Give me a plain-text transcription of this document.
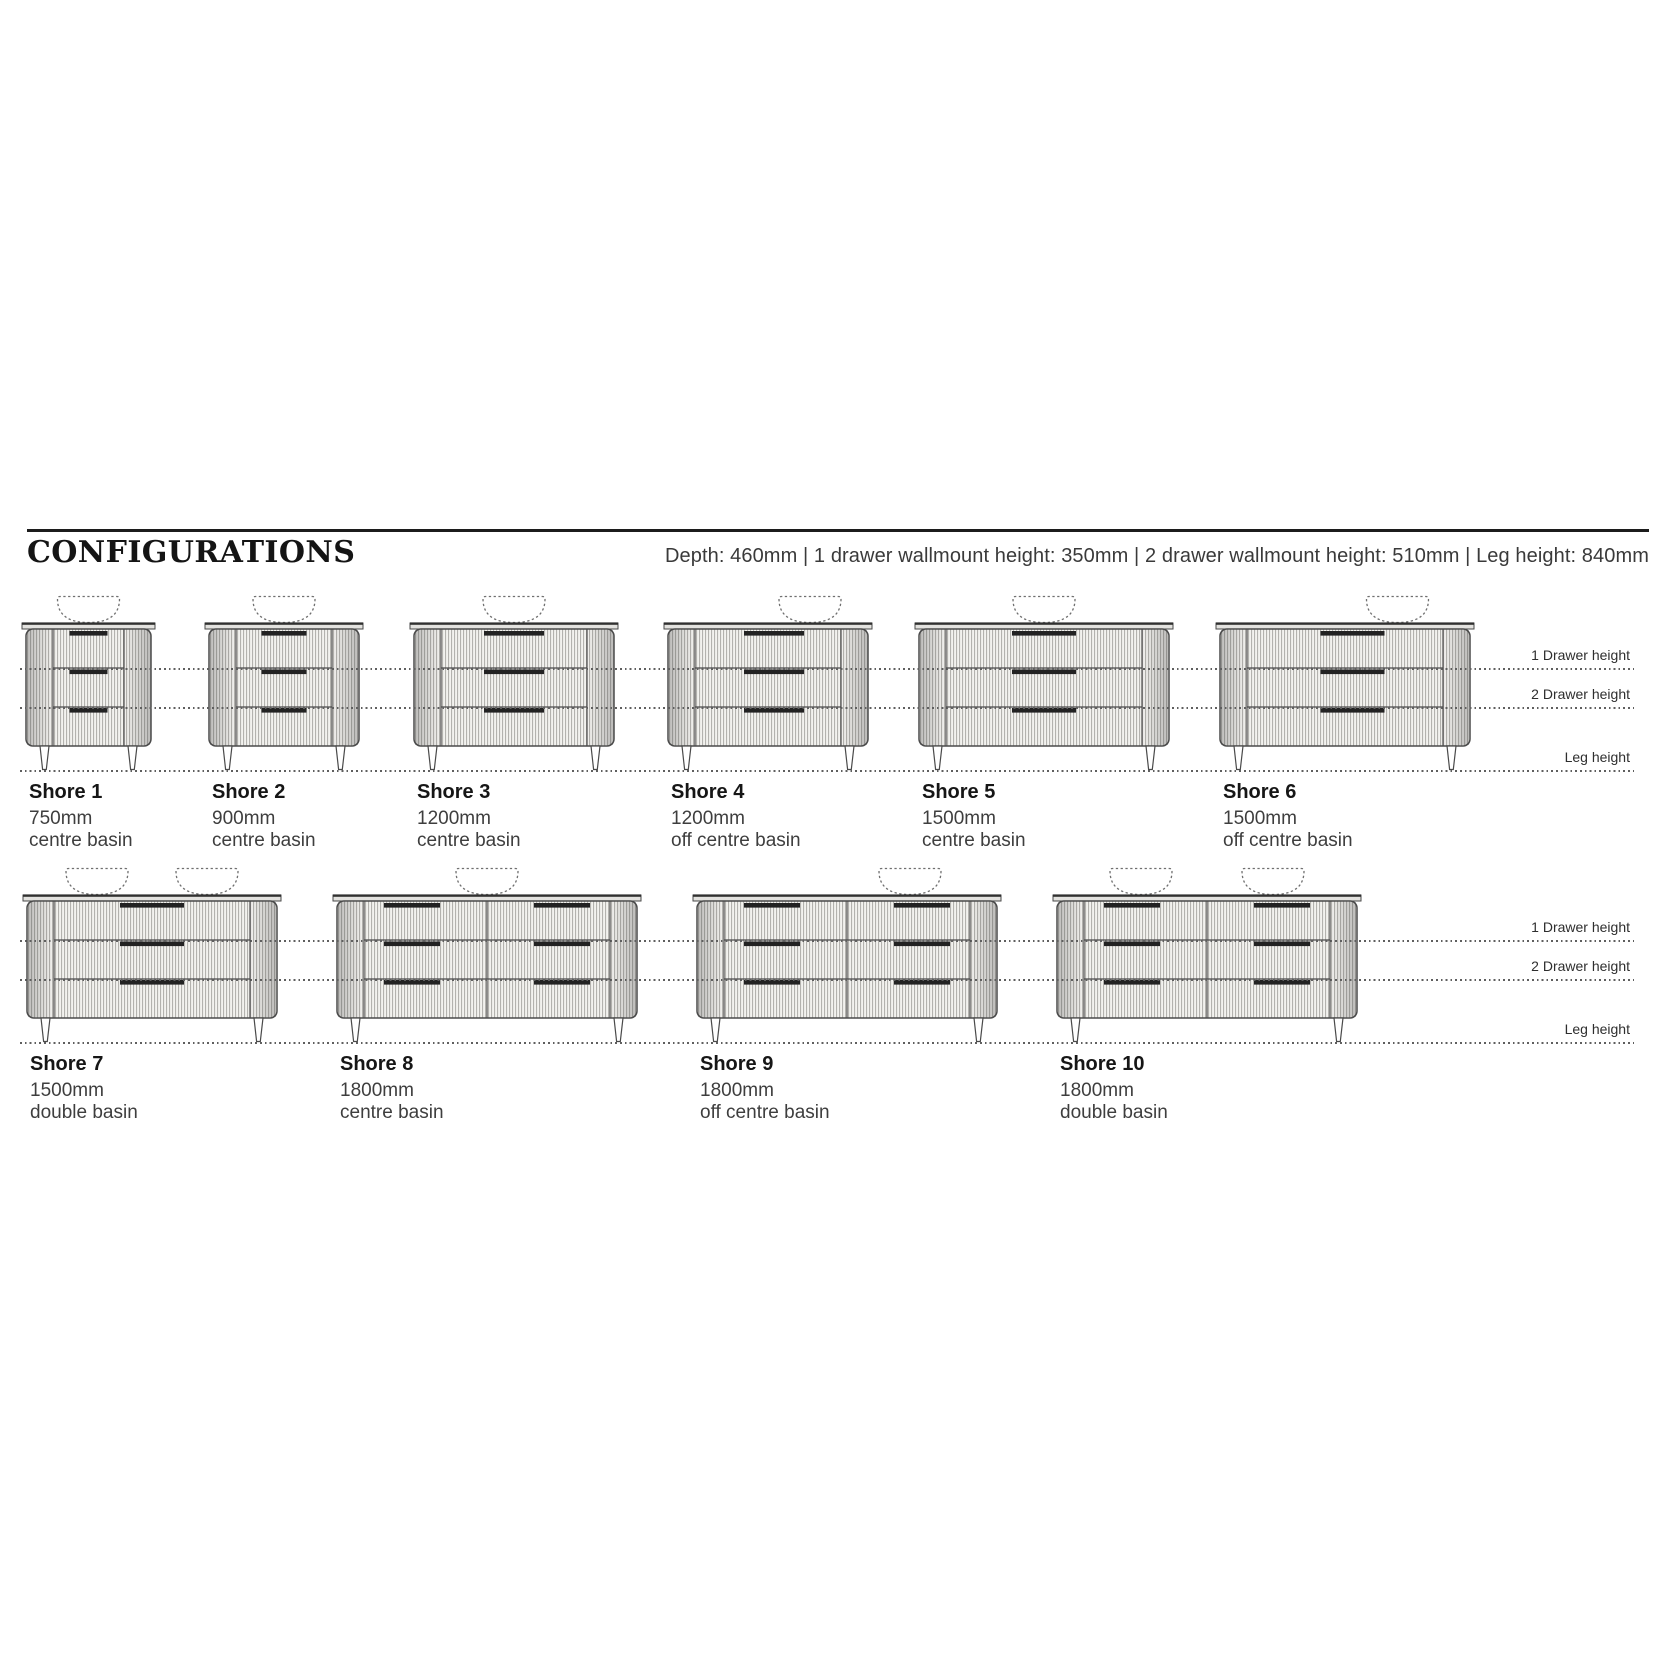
CONFIGURATIONS	Depth: 460mm | 1 drawer wallmount height: 350mm | 2 drawer wallmount height: 510mm | Leg height: 840mm
Shore 1
750mm
centre basin
Shore 2
900mm
centre basin
Shore 3
1200mm
centre basin
Shore 4
1200mm
off centre basin
Shore 5
1500mm
centre basin
Shore 6
1500mm
off centre basin
Shore 7
1500mm
double basin
Shore 8
1800mm
centre basin
Shore 9
1800mm
off centre basin
Shore 10
1800mm
double basin
1 Drawer height
2 Drawer height
Leg height
1 Drawer height
2 Drawer height
Leg height
